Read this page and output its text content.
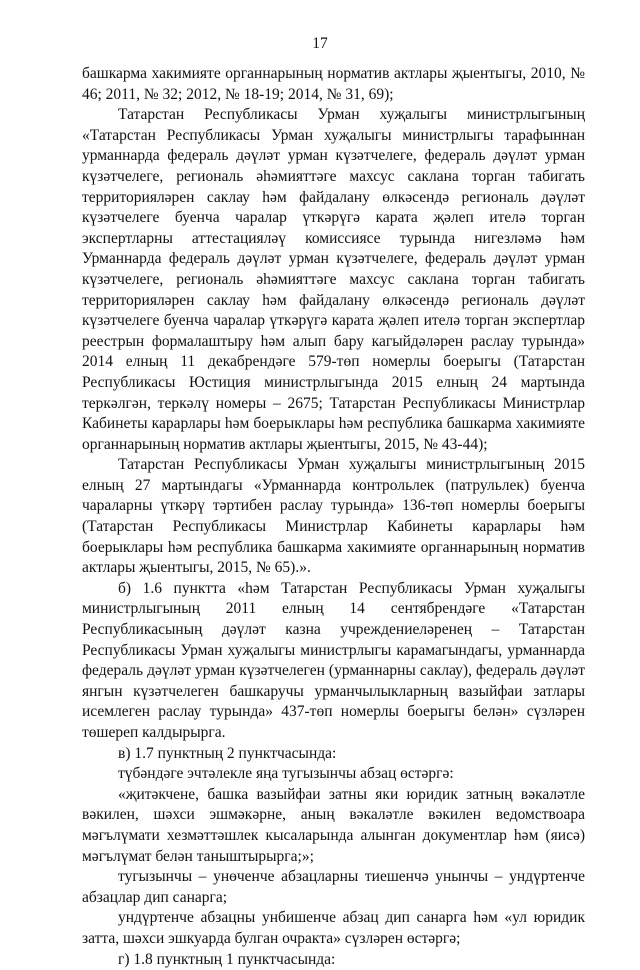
17

башкарма хакимияте органнарының норматив актлары җыентыгы, 2010, № 46; 2011, № 32; 2012, № 18-19; 2014, № 31, 69);

Татарстан Республикасы Урман хуҗалыгы министрлыгының «Татарстан Республикасы Урман хуҗалыгы министрлыгы тарафыннан урманнарда федераль дәүләт урман күзәтчелеге, федераль дәүләт урман күзәтчелеге, региональ әһәмияттәге махсус саклана торган табигать территорияләрен саклау һәм файдалану өлкәсендә региональ дәүләт күзәтчелеге буенча чаралар үткәрүгә карата җәлеп ителә торган экспертларны аттестацияләү комиссиясе турында нигезләмә һәм Урманнарда федераль дәүләт урман күзәтчелеге, федераль дәүләт урман күзәтчелеге, региональ әһәмияттәге махсус саклана торган табигать территорияләрен саклау һәм файдалану өлкәсендә региональ дәүләт күзәтчелеге буенча чаралар үткәрүгә карата җәлеп ителә торган экспертлар реестрын формалаштыру һәм алып бару кагыйдәләрен раслау турында» 2014 елның 11 декабрендәге 579-төп номерлы боерыгы (Татарстан Республикасы Юстиция министрлыгында 2015 елның 24 мартында теркәлгән, теркәлү номеры – 2675; Татарстан Республикасы Министрлар Кабинеты карарлары һәм боерыклары һәм республика башкарма хакимияте органнарының норматив актлары җыентыгы, 2015, № 43-44);

Татарстан Республикасы Урман хуҗалыгы министрлыгының 2015 елның 27 мартындагы «Урманнарда контрольлек (патрульлек) буенча чараларны үткәрү тәртибен раслау турында» 136-төп номерлы боерыгы (Татарстан Республикасы Министрлар Кабинеты карарлары һәм боерыклары һәм республика башкарма хакимияте органнарының норматив актлары җыентыгы, 2015, № 65).».

б) 1.6 пунктта «һәм Татарстан Республикасы Урман хуҗалыгы министрлыгының 2011 елның 14 сентябрендәге «Татарстан Республикасының дәүләт казна учреждениеләренең – Татарстан Республикасы Урман хуҗалыгы министрлыгы карамагындагы, урманнарда федераль дәүләт урман күзәтчелеген (урманнарны саклау), федераль дәүләт янгын күзәтчелеген башкаручы урманчылыкларның вазыйфаи затлары исемлеген раслау турында» 437-төп номерлы боерыгы белән» сүзләрен төшереп калдырырга.

в) 1.7 пунктның 2 пунктчасында:

түбәндәге эчтәлекле яңа тугызынчы абзац өстәргә:

«җитәкчене, башка вазыйфаи затны яки юридик затның вәкаләтле вәкилен, шәхси эшмәкәрне, аның вәкаләтле вәкилен ведомствоара мәгълүмати хезмәттәшлек кысаларында алынган документлар һәм (яисә) мәгълүмат белән таныштырырга;»;

тугызынчы – унөченче абзацларны тиешенчә унынчы – ундүртенче абзацлар дип санарга;

ундүртенче абзацны унбишенче абзац дип санарга һәм «ул юридик затта, шәхси эшкуарда булган очракта» сүзләрен өстәргә;

г) 1.8 пунктның 1 пунктчасында:
